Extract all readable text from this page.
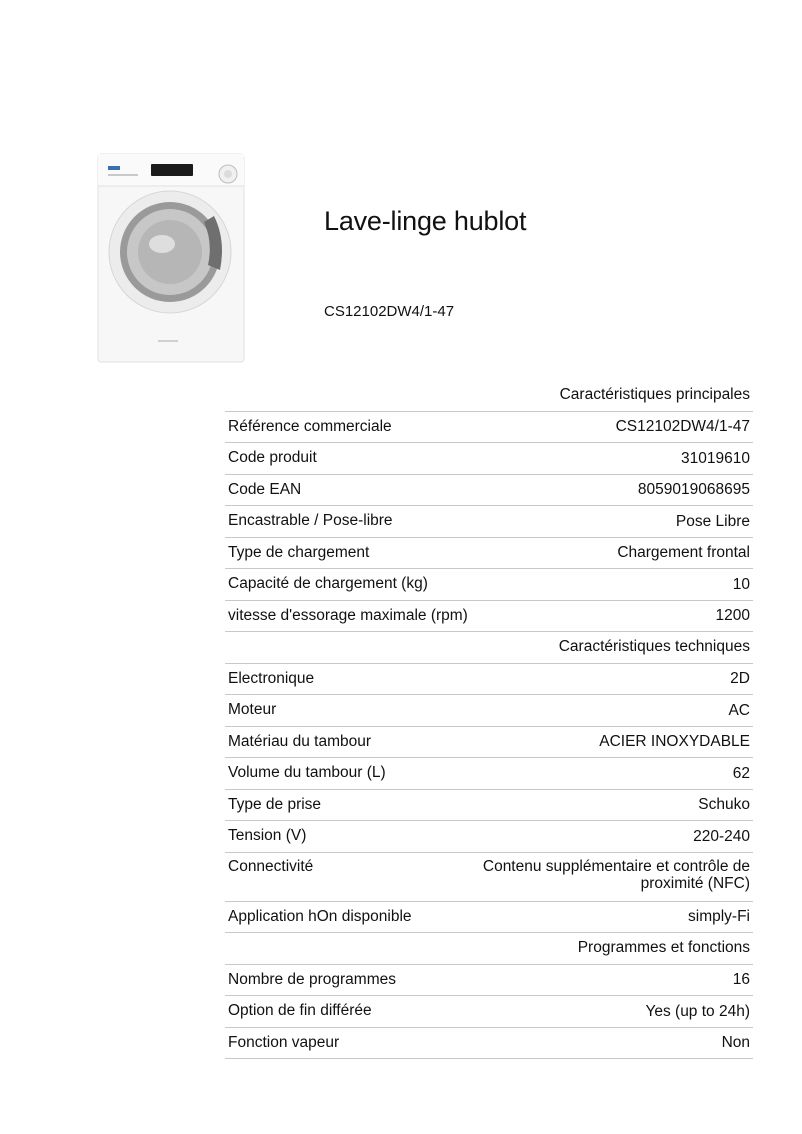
Lave-linge hublot
CS12102DW4/1-47
Caractéristiques principales
Référence commerciale	CS12102DW4/1-47
Code produit	31019610
Code EAN	8059019068695
Encastrable / Pose-libre	Pose Libre
Type de chargement	Chargement frontal
Capacité de chargement (kg)	10
vitesse d'essorage maximale (rpm)	1200
Caractéristiques techniques
Electronique	2D
Moteur	AC
Matériau du tambour	ACIER INOXYDABLE
Volume du tambour (L)	62
Type de prise	Schuko
Tension (V)	220-240
Connectivité	Contenu supplémentaire et contrôle de proximité (NFC)
Application hOn disponible	simply-Fi
Programmes et fonctions
Nombre de programmes	16
Option de fin différée	Yes (up to 24h)
Fonction vapeur	Non
